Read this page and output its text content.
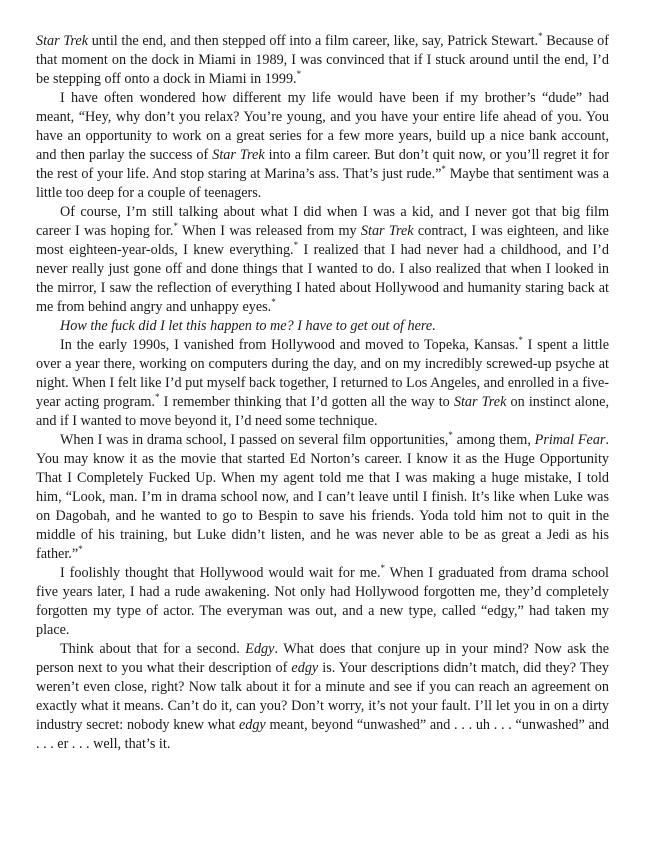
Star Trek until the end, and then stepped off into a film career, like, say, Patrick Stewart.* Because of that moment on the dock in Miami in 1989, I was convinced that if I stuck around until the end, I’d be stepping off onto a dock in Miami in 1999.*

I have often wondered how different my life would have been if my brother’s “dude” had meant, “Hey, why don’t you relax? You’re young, and you have your entire life ahead of you. You have an opportunity to work on a great series for a few more years, build up a nice bank account, and then parlay the success of Star Trek into a film career. But don’t quit now, or you’ll regret it for the rest of your life. And stop staring at Marina’s ass. That’s just rude.”* Maybe that sentiment was a little too deep for a couple of teenagers.

Of course, I’m still talking about what I did when I was a kid, and I never got that big film career I was hoping for.* When I was released from my Star Trek contract, I was eighteen, and like most eighteen-year-olds, I knew everything.* I realized that I had never had a childhood, and I’d never really just gone off and done things that I wanted to do. I also realized that when I looked in the mirror, I saw the reflection of everything I hated about Hollywood and humanity staring back at me from behind angry and unhappy eyes.*

How the fuck did I let this happen to me? I have to get out of here.

In the early 1990s, I vanished from Hollywood and moved to Topeka, Kansas.* I spent a little over a year there, working on computers during the day, and on my incredibly screwed-up psyche at night. When I felt like I’d put myself back together, I returned to Los Angeles, and enrolled in a five-year acting program.* I remember thinking that I’d gotten all the way to Star Trek on instinct alone, and if I wanted to move beyond it, I’d need some technique.

When I was in drama school, I passed on several film opportunities,* among them, Primal Fear. You may know it as the movie that started Ed Norton’s career. I know it as the Huge Opportunity That I Completely Fucked Up. When my agent told me that I was making a huge mistake, I told him, “Look, man. I’m in drama school now, and I can’t leave until I finish. It’s like when Luke was on Dagobah, and he wanted to go to Bespin to save his friends. Yoda told him not to quit in the middle of his training, but Luke didn’t listen, and he was never able to be as great a Jedi as his father.”*

I foolishly thought that Hollywood would wait for me.* When I graduated from drama school five years later, I had a rude awakening. Not only had Hollywood forgotten me, they’d completely forgotten my type of actor. The everyman was out, and a new type, called “edgy,” had taken my place.

Think about that for a second. Edgy. What does that conjure up in your mind? Now ask the person next to you what their description of edgy is. Your descriptions didn’t match, did they? They weren’t even close, right? Now talk about it for a minute and see if you can reach an agreement on exactly what it means. Can’t do it, can you? Don’t worry, it’s not your fault. I’ll let you in on a dirty industry secret: nobody knew what edgy meant, beyond “unwashed” and . . . uh . . . “unwashed” and . . . er . . . well, that’s it.
